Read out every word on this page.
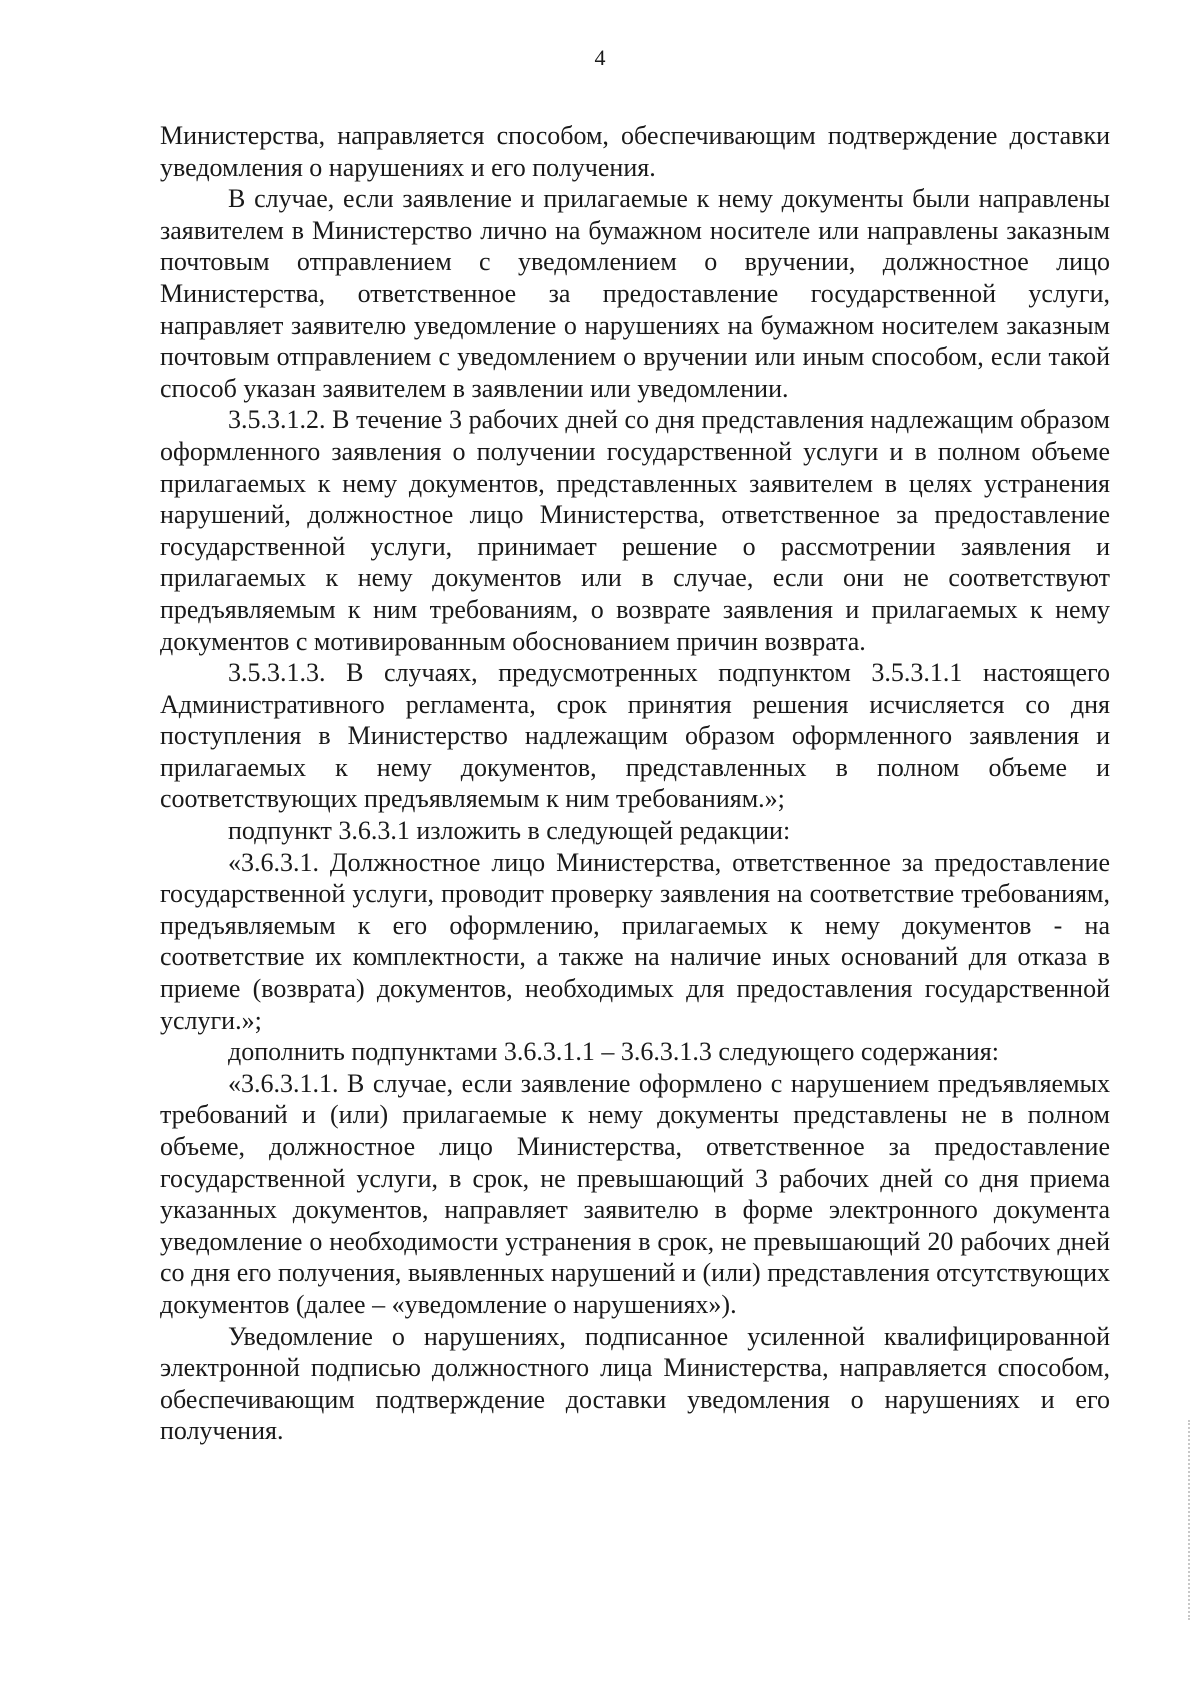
4

Министерства, направляется способом, обеспечивающим подтверждение доставки уведомления о нарушениях и его получения.

В случае, если заявление и прилагаемые к нему документы были направлены заявителем в Министерство лично на бумажном носителе или направлены заказным почтовым отправлением с уведомлением о вручении, должностное лицо Министерства, ответственное за предоставление государственной услуги, направляет заявителю уведомление о нарушениях на бумажном носителем заказным почтовым отправлением с уведомлением о вручении или иным способом, если такой способ указан заявителем в заявлении или уведомлении.

3.5.3.1.2. В течение 3 рабочих дней со дня представления надлежащим образом оформленного заявления о получении государственной услуги и в полном объеме прилагаемых к нему документов, представленных заявителем в целях устранения нарушений, должностное лицо Министерства, ответственное за предоставление государственной услуги, принимает решение о рассмотрении заявления и прилагаемых к нему документов или в случае, если они не соответствуют предъявляемым к ним требованиям, о возврате заявления и прилагаемых к нему документов с мотивированным обоснованием причин возврата.

3.5.3.1.3. В случаях, предусмотренных подпунктом 3.5.3.1.1 настоящего Административного регламента, срок принятия решения исчисляется со дня поступления в Министерство надлежащим образом оформленного заявления и прилагаемых к нему документов, представленных в полном объеме и соответствующих предъявляемым к ним требованиям.»;

подпункт 3.6.3.1 изложить в следующей редакции:

«3.6.3.1. Должностное лицо Министерства, ответственное за предоставление государственной услуги, проводит проверку заявления на соответствие требованиям, предъявляемым к его оформлению, прилагаемых к нему документов - на соответствие их комплектности, а также на наличие иных оснований для отказа в приеме (возврата) документов, необходимых для предоставления государственной услуги.»;

дополнить подпунктами 3.6.3.1.1 – 3.6.3.1.3 следующего содержания:

«3.6.3.1.1. В случае, если заявление оформлено с нарушением предъявляемых требований и (или) прилагаемые к нему документы представлены не в полном объеме, должностное лицо Министерства, ответственное за предоставление государственной услуги, в срок, не превышающий 3 рабочих дней со дня приема указанных документов, направляет заявителю в форме электронного документа уведомление о необходимости устранения в срок, не превышающий 20 рабочих дней со дня его получения, выявленных нарушений и (или) представления отсутствующих документов (далее – «уведомление о нарушениях»).

Уведомление о нарушениях, подписанное усиленной квалифицированной электронной подписью должностного лица Министерства, направляется способом, обеспечивающим подтверждение доставки уведомления о нарушениях и его получения.
